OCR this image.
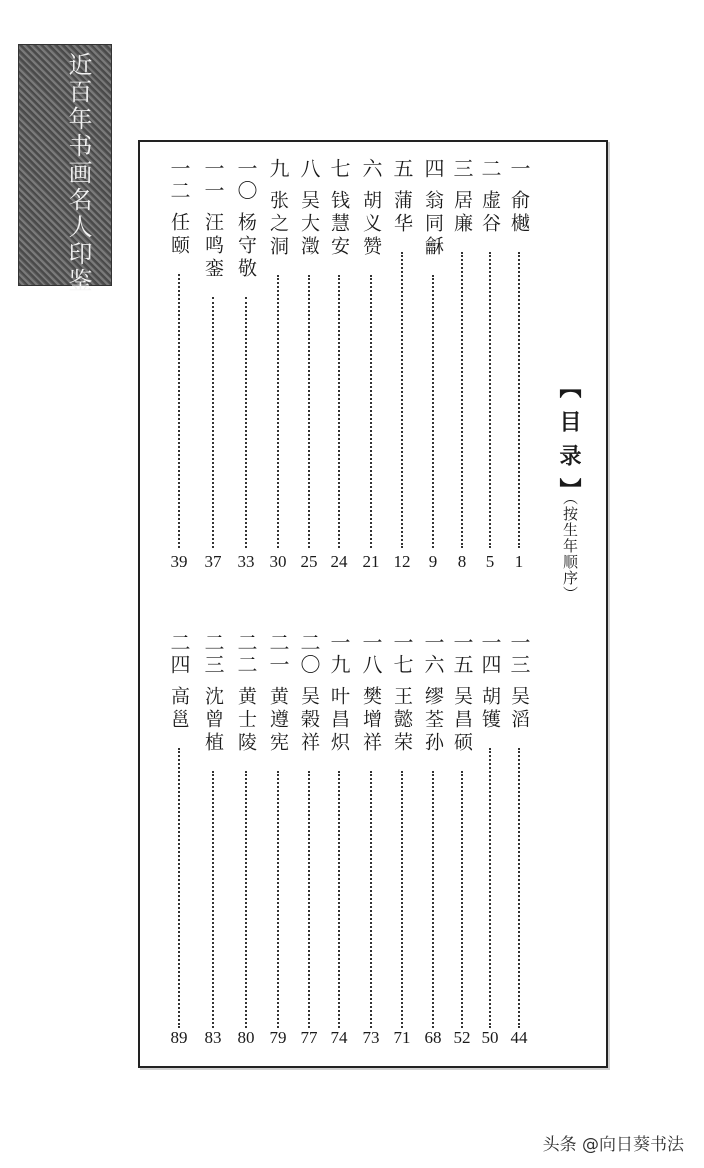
近百年书画名人印鉴
【目录】
（按生年顺序）
一
俞樾
1
二
虚谷
5
三
居廉
8
四
翁同龢
9
五
蒲华
12
六
胡义赞
21
七
钱慧安
24
八
吴大澂
25
九
张之洞
30
一〇
杨守敬
33
一一
汪鸣銮
37
一二
任颐
39
一三
吴滔
44
一四
胡镬
50
一五
吴昌硕
52
一六
缪荃孙
68
一七
王懿荣
71
一八
樊增祥
73
一九
叶昌炽
74
二〇
吴榖祥
77
二一
黄遵宪
79
二二
黄士陵
80
二三
沈曾植
83
二四
高邕
89
头条 @向日葵书法
